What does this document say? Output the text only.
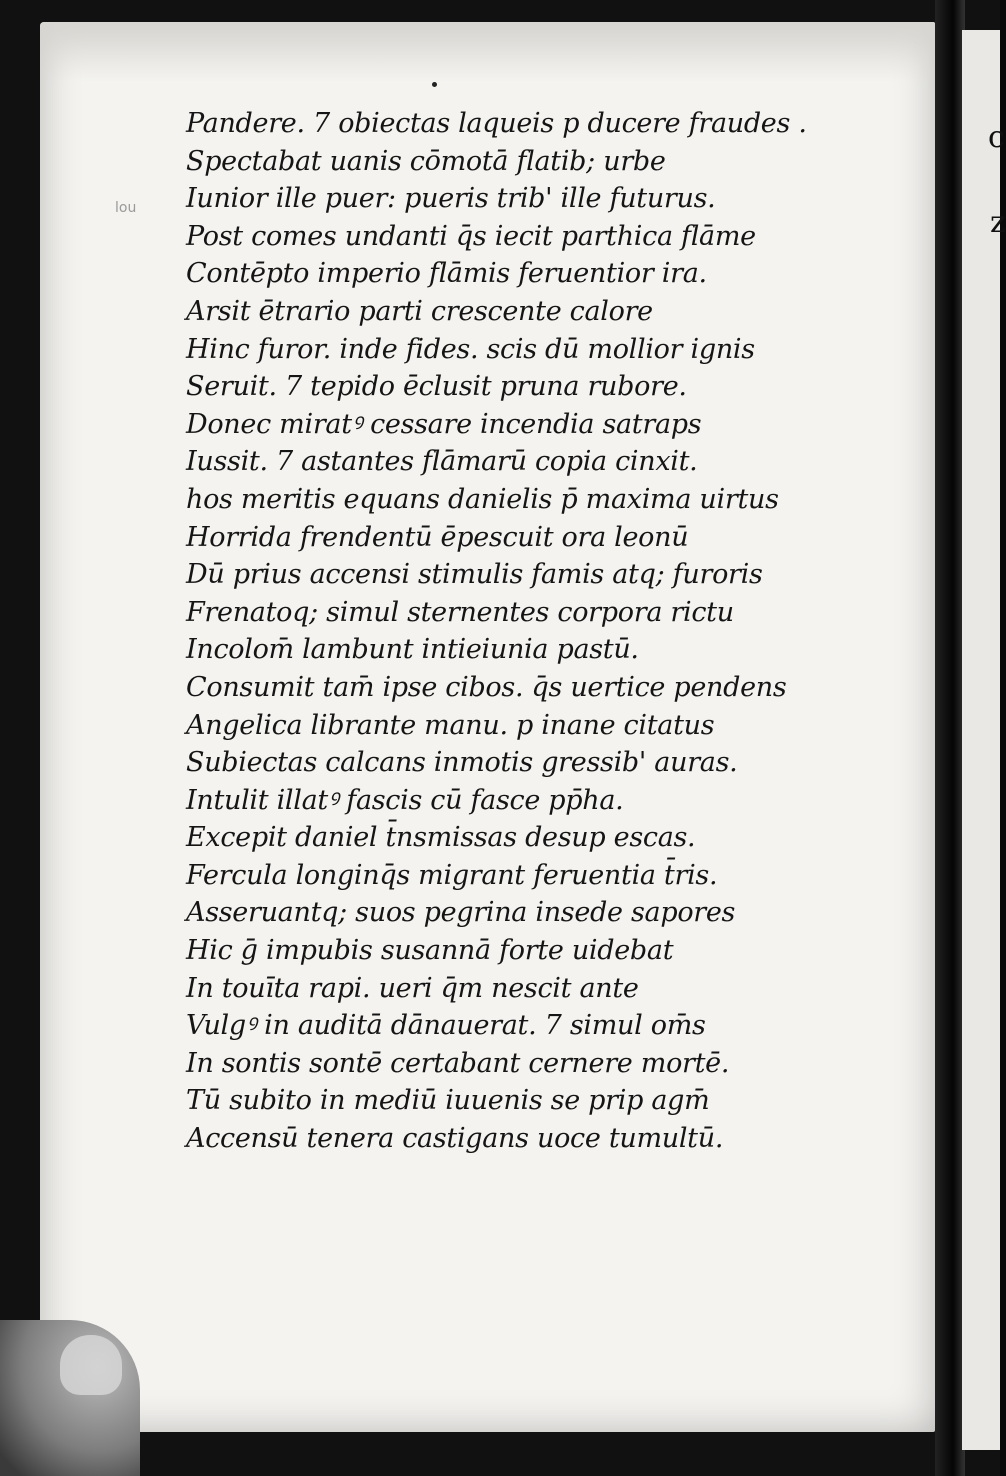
c
z
lou
Pandere. 7 obiectas laqueis p ducere fraudes .
Spectabat uanis cōmotā flatib; urbe
Iunior ille puer: pueris trib' ille futurus.
Post comes undanti q̄s iecit parthica flāme
Contēpto imperio flāmis feruentior ira.
Arsit ētrario parti crescente calore
Hinc furor. inde fides. scis dū mollior ignis
Seruit. 7 tepido ēclusit pruna rubore.
Donec miratꝰ cessare incendia satraps
Iussit. 7 astantes flāmarū copia cinxit.
hos meritis equans danielis p̄ maxima uirtus
Horrida frendentū ēpescuit ora leonū
Dū prius accensi stimulis famis atq; furoris
Frenatoq; simul sternentes corpora rictu
Incolom̄ lambunt intieiunia pastū.
Consumit tam̄ ipse cibos. q̄s uertice pendens
Angelica librante manu. p inane citatus
Subiectas calcans inmotis gressib' auras.
Intulit illatꝰ fascis cū fasce pp̄ha.
Excepit daniel t̄nsmissas desup escas.
Fercula longinq̄s migrant feruentia t̄ris.
Asseruantq; suos pegrina insede sapores
Hic ḡ impubis susannā forte uidebat
In touīta rapi. ueri q̄m nescit ante
Vulgꝰ in auditā dānauerat. 7 simul om̄s
In sontis sontē certabant cernere mortē.
Tū subito in mediū iuuenis se prip agm̄
Accensū tenera castigans uoce tumultū.
